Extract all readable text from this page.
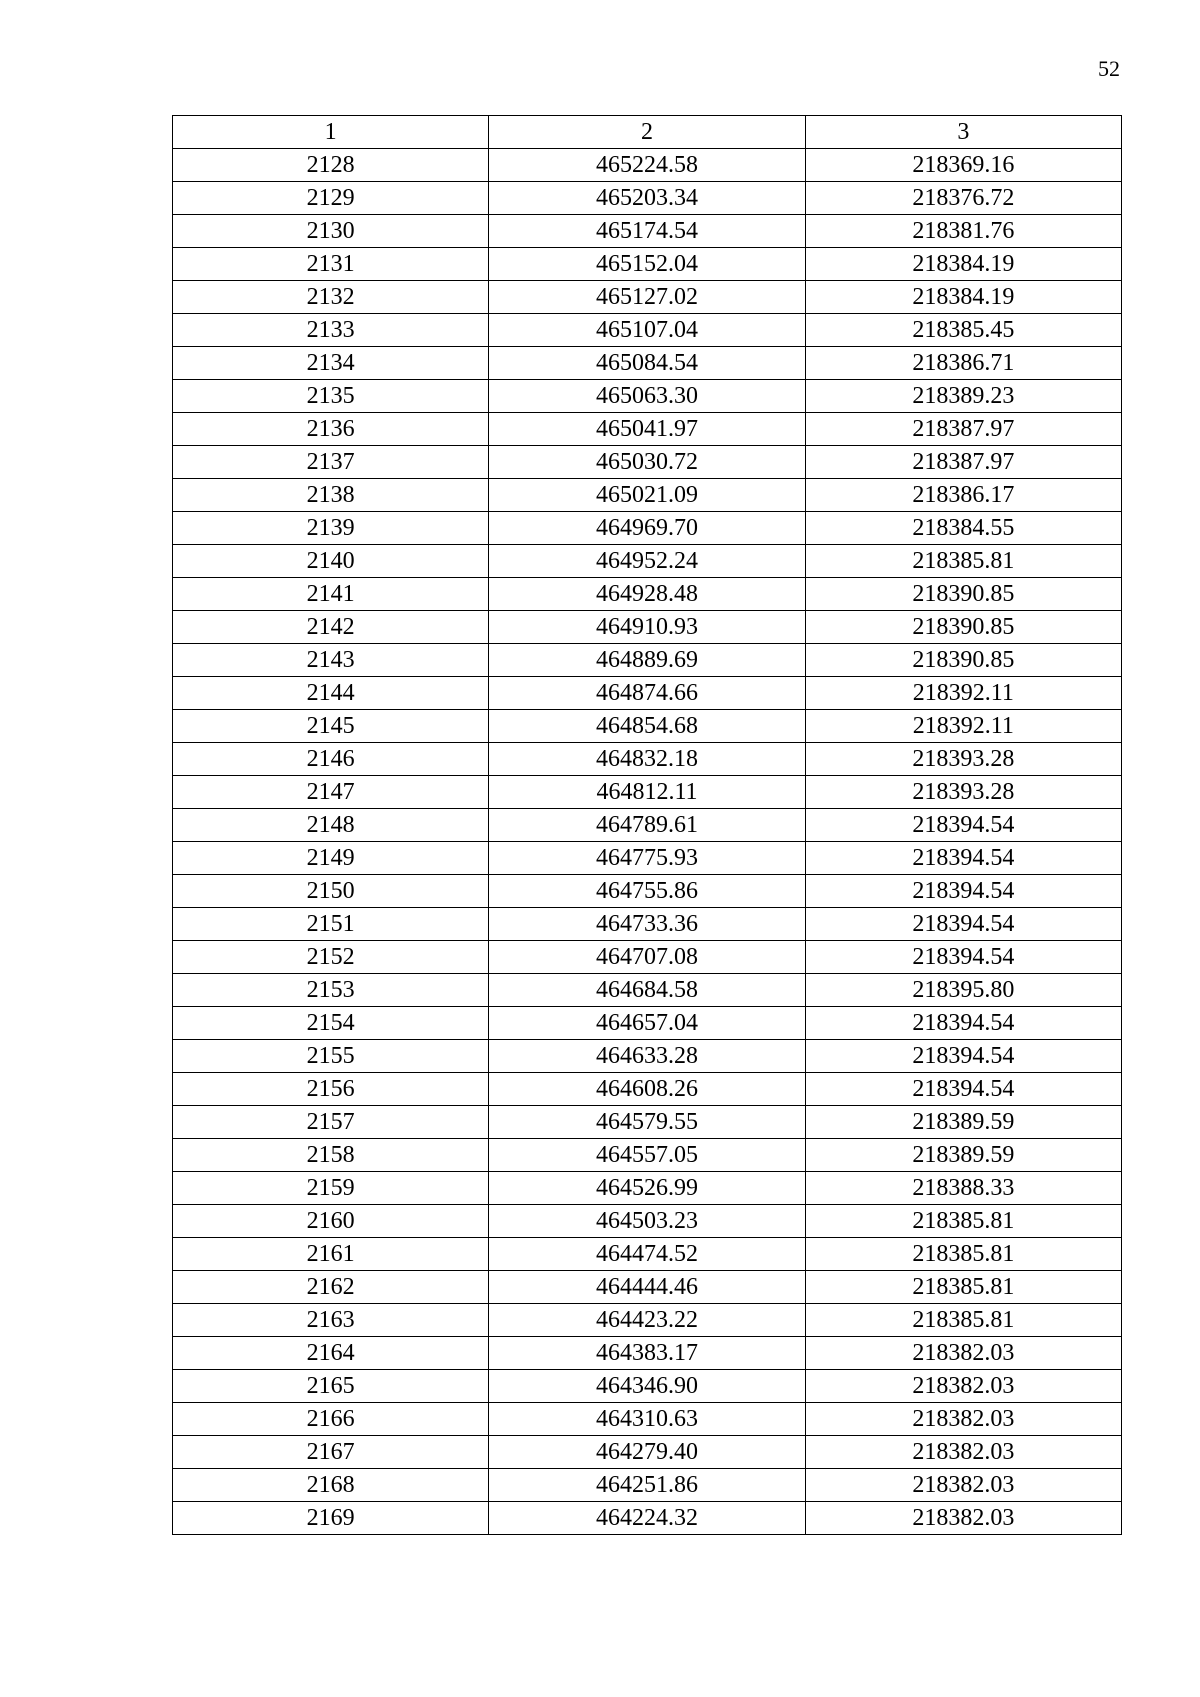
52
1	2	3
2128	465224.58	218369.16
2129	465203.34	218376.72
2130	465174.54	218381.76
2131	465152.04	218384.19
2132	465127.02	218384.19
2133	465107.04	218385.45
2134	465084.54	218386.71
2135	465063.30	218389.23
2136	465041.97	218387.97
2137	465030.72	218387.97
2138	465021.09	218386.17
2139	464969.70	218384.55
2140	464952.24	218385.81
2141	464928.48	218390.85
2142	464910.93	218390.85
2143	464889.69	218390.85
2144	464874.66	218392.11
2145	464854.68	218392.11
2146	464832.18	218393.28
2147	464812.11	218393.28
2148	464789.61	218394.54
2149	464775.93	218394.54
2150	464755.86	218394.54
2151	464733.36	218394.54
2152	464707.08	218394.54
2153	464684.58	218395.80
2154	464657.04	218394.54
2155	464633.28	218394.54
2156	464608.26	218394.54
2157	464579.55	218389.59
2158	464557.05	218389.59
2159	464526.99	218388.33
2160	464503.23	218385.81
2161	464474.52	218385.81
2162	464444.46	218385.81
2163	464423.22	218385.81
2164	464383.17	218382.03
2165	464346.90	218382.03
2166	464310.63	218382.03
2167	464279.40	218382.03
2168	464251.86	218382.03
2169	464224.32	218382.03
